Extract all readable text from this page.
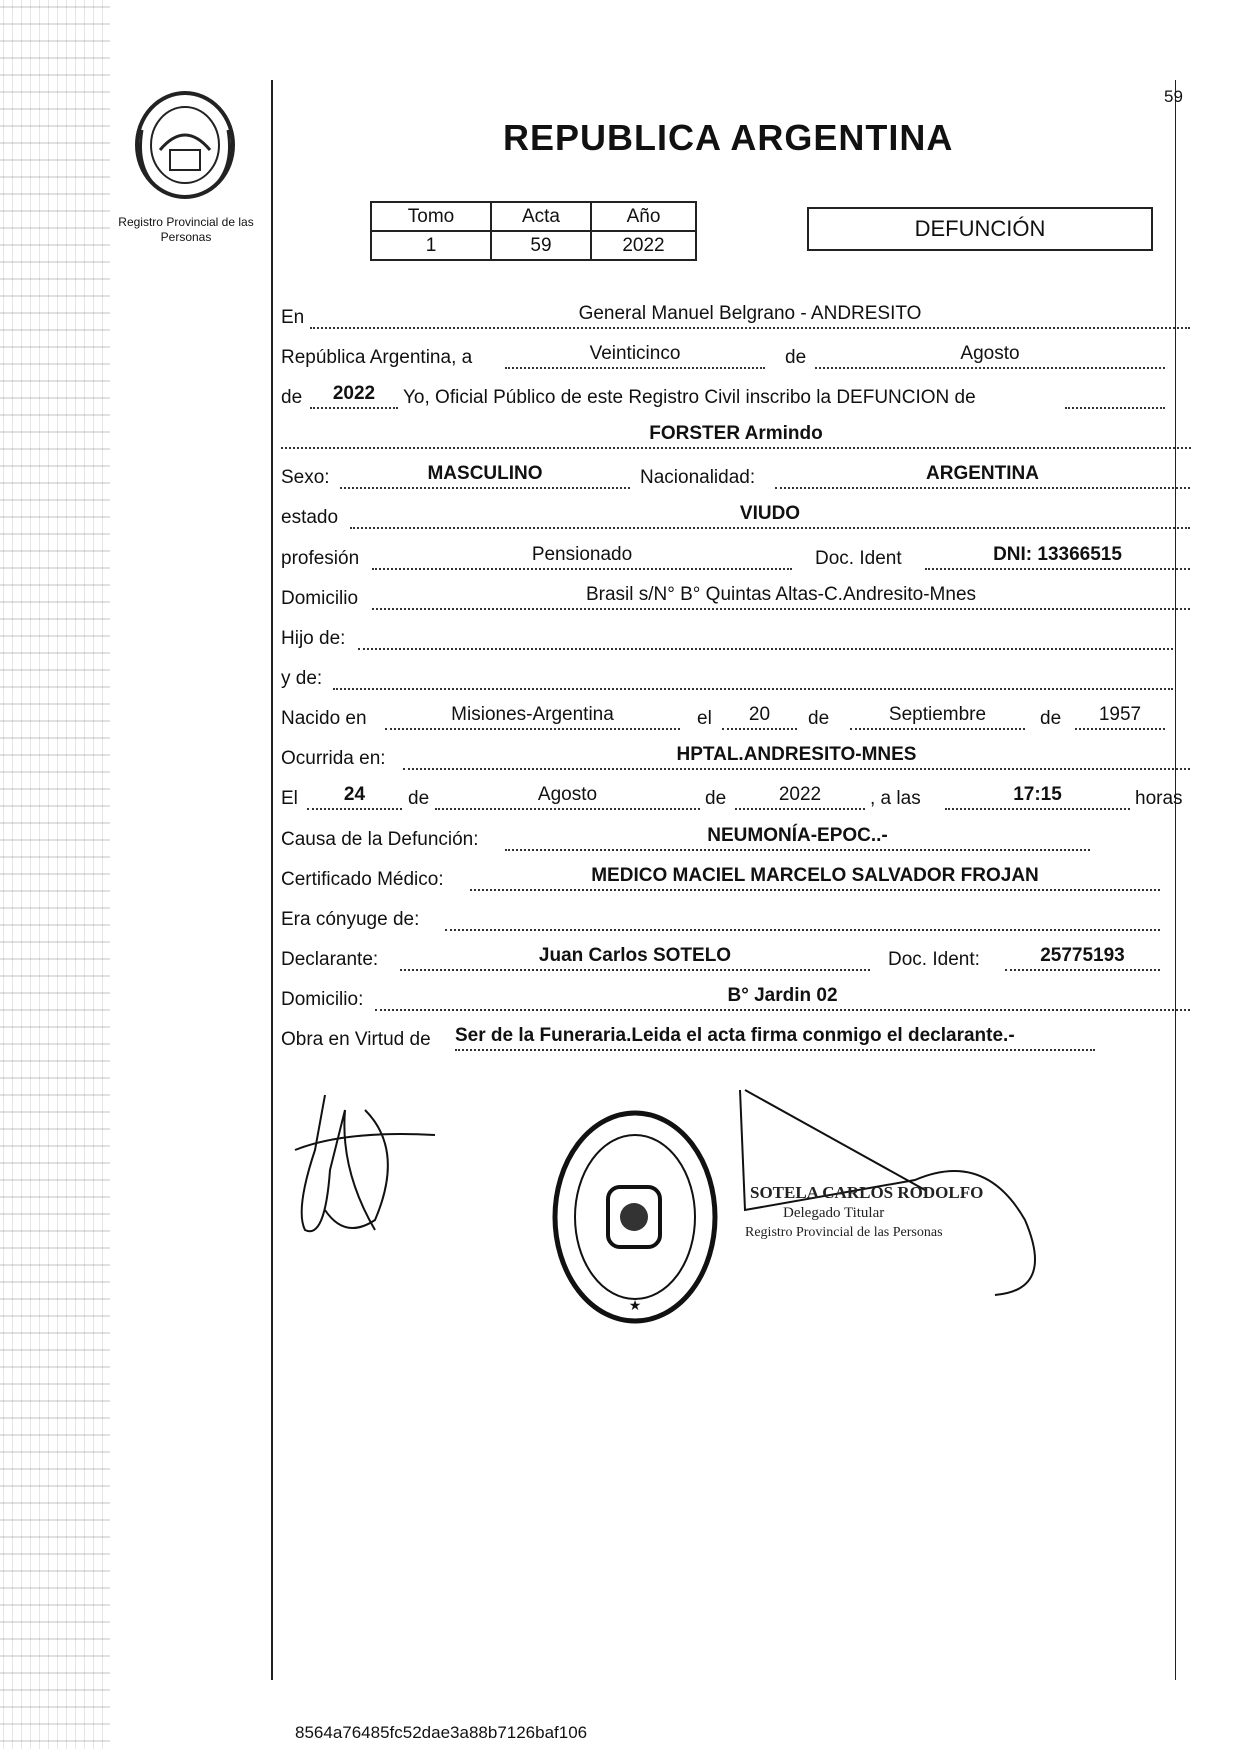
59
Registro Provincial de las Personas
REPUBLICA ARGENTINA
Tomo	Acta	Año
1	59	2022
DEFUNCIÓN
En	General Manuel Belgrano - ANDRESITO
República Argentina, a	Veinticinco	de	Agosto
de	2022	Yo, Oficial Público de este Registro Civil inscribo la DEFUNCION de
FORSTER Armindo
Sexo:	MASCULINO	Nacionalidad:	ARGENTINA
estado	VIUDO
profesión	Pensionado	Doc. Ident	DNI: 13366515
Domicilio	Brasil s/N° B° Quintas Altas-C.Andresito-Mnes
Hijo de:
y de:
Nacido en	Misiones-Argentina	el	20	de	Septiembre	de	1957
Ocurrida en:	HPTAL.ANDRESITO-MNES
El	24	de	Agosto	de	2022	, a las	17:15	horas
Causa de la Defunción:	NEUMONÍA-EPOC..-
Certificado Médico:	MEDICO MACIEL MARCELO SALVADOR FROJAN
Era cónyuge de:
Declarante:	Juan Carlos SOTELO	Doc. Ident:	25775193
Domicilio:	B° Jardin 02
Obra en Virtud de Ser de la Funeraria.Leida el acta firma conmigo el declarante.-
★
SOTELA CARLOS RODOLFO
Delegado Titular
Registro Provincial de las Personas
8564a76485fc52dae3a88b7126baf106
